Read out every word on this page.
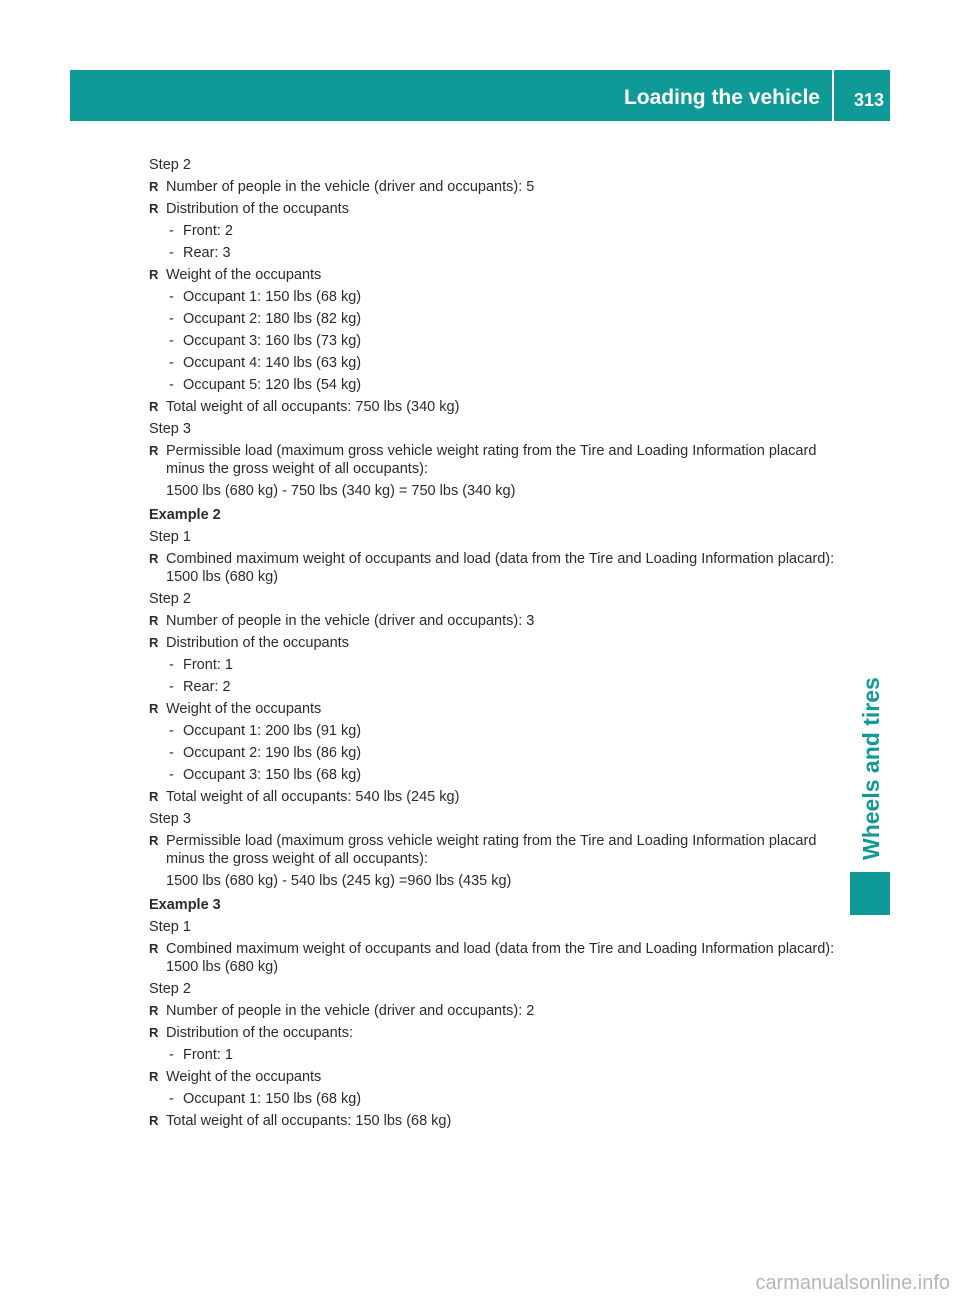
Loading the vehicle 313
Wheels and tires
Step 2
R Number of people in the vehicle (driver and occupants): 5
R Distribution of the occupants
- Front: 2
- Rear: 3
R Weight of the occupants
- Occupant 1: 150 lbs (68 kg)
- Occupant 2: 180 lbs (82 kg)
- Occupant 3: 160 lbs (73 kg)
- Occupant 4: 140 lbs (63 kg)
- Occupant 5: 120 lbs (54 kg)
R Total weight of all occupants: 750 lbs (340 kg)
Step 3
R Permissible load (maximum gross vehicle weight rating from the Tire and Loading Information placard minus the gross weight of all occupants):
1500 lbs (680 kg) - 750 lbs (340 kg) = 750 lbs (340 kg)
Example 2
Step 1
R Combined maximum weight of occupants and load (data from the Tire and Loading Information placard): 1500 lbs (680 kg)
Step 2
R Number of people in the vehicle (driver and occupants): 3
R Distribution of the occupants
- Front: 1
- Rear: 2
R Weight of the occupants
- Occupant 1: 200 lbs (91 kg)
- Occupant 2: 190 lbs (86 kg)
- Occupant 3: 150 lbs (68 kg)
R Total weight of all occupants: 540 lbs (245 kg)
Step 3
R Permissible load (maximum gross vehicle weight rating from the Tire and Loading Information placard minus the gross weight of all occupants):
1500 lbs (680 kg) - 540 lbs (245 kg) =960 lbs (435 kg)
Example 3
Step 1
R Combined maximum weight of occupants and load (data from the Tire and Loading Information placard): 1500 lbs (680 kg)
Step 2
R Number of people in the vehicle (driver and occupants): 2
R Distribution of the occupants:
- Front: 1
R Weight of the occupants
- Occupant 1: 150 lbs (68 kg)
R Total weight of all occupants: 150 lbs (68 kg)
carmanualsonline.info
